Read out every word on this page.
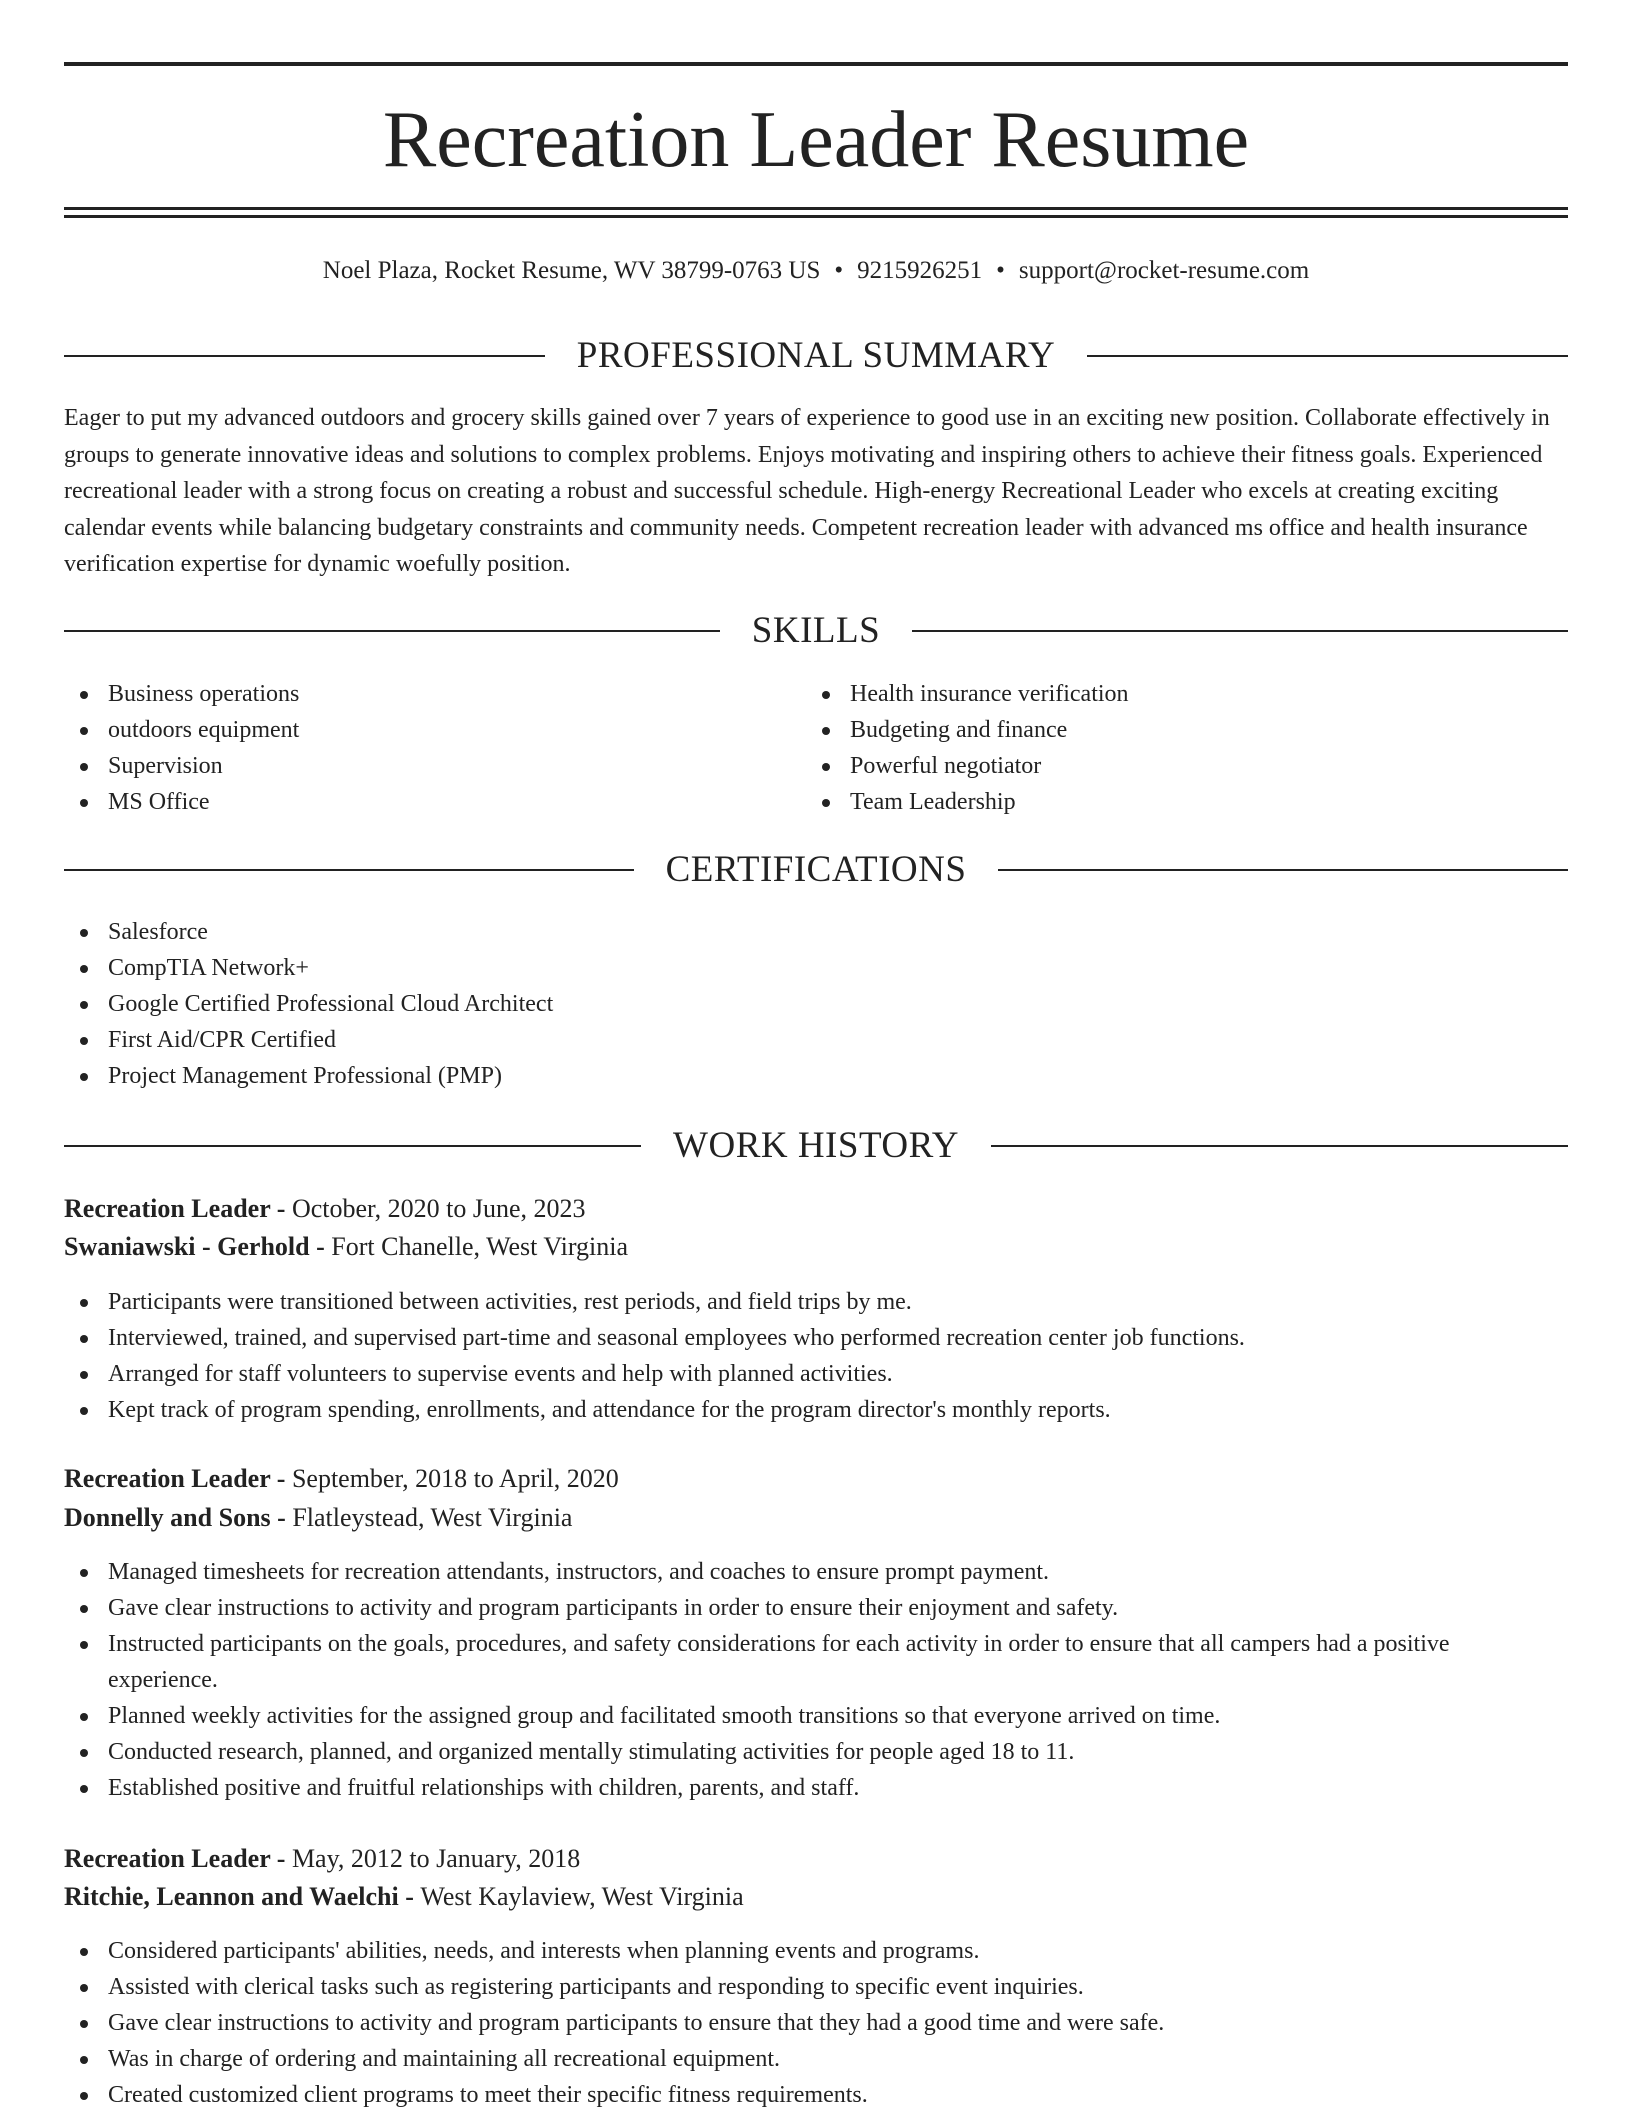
Recreation Leader Resume
Noel Plaza, Rocket Resume, WV 38799-0763 US • 9215926251 • support@rocket-resume.com
PROFESSIONAL SUMMARY

Eager to put my advanced outdoors and grocery skills gained over 7 years of experience to good use in an exciting new position. Collaborate effectively in groups to generate innovative ideas and solutions to complex problems. Enjoys motivating and inspiring others to achieve their fitness goals. Experienced recreational leader with a strong focus on creating a robust and successful schedule. High-energy Recreational Leader who excels at creating exciting calendar events while balancing budgetary constraints and community needs. Competent recreation leader with advanced ms office and health insurance verification expertise for dynamic woefully position.

SKILLS
Business operations
outdoors equipment
Supervision
MS Office
Health insurance verification
Budgeting and finance
Powerful negotiator
Team Leadership
CERTIFICATIONS
Salesforce
CompTIA Network+
Google Certified Professional Cloud Architect
First Aid/CPR Certified
Project Management Professional (PMP)
WORK HISTORY
Recreation Leader - October, 2020 to June, 2023
Swaniawski - Gerhold - Fort Chanelle, West Virginia
Participants were transitioned between activities, rest periods, and field trips by me.
Interviewed, trained, and supervised part-time and seasonal employees who performed recreation center job functions.
Arranged for staff volunteers to supervise events and help with planned activities.
Kept track of program spending, enrollments, and attendance for the program director's monthly reports.
Recreation Leader - September, 2018 to April, 2020
Donnelly and Sons - Flatleystead, West Virginia
Managed timesheets for recreation attendants, instructors, and coaches to ensure prompt payment.
Gave clear instructions to activity and program participants in order to ensure their enjoyment and safety.
Instructed participants on the goals, procedures, and safety considerations for each activity in order to ensure that all campers had a positive experience.
Planned weekly activities for the assigned group and facilitated smooth transitions so that everyone arrived on time.
Conducted research, planned, and organized mentally stimulating activities for people aged 18 to 11.
Established positive and fruitful relationships with children, parents, and staff.
Recreation Leader - May, 2012 to January, 2018
Ritchie, Leannon and Waelchi - West Kaylaview, West Virginia
Considered participants' abilities, needs, and interests when planning events and programs.
Assisted with clerical tasks such as registering participants and responding to specific event inquiries.
Gave clear instructions to activity and program participants to ensure that they had a good time and were safe.
Was in charge of ordering and maintaining all recreational equipment.
Created customized client programs to meet their specific fitness requirements.
